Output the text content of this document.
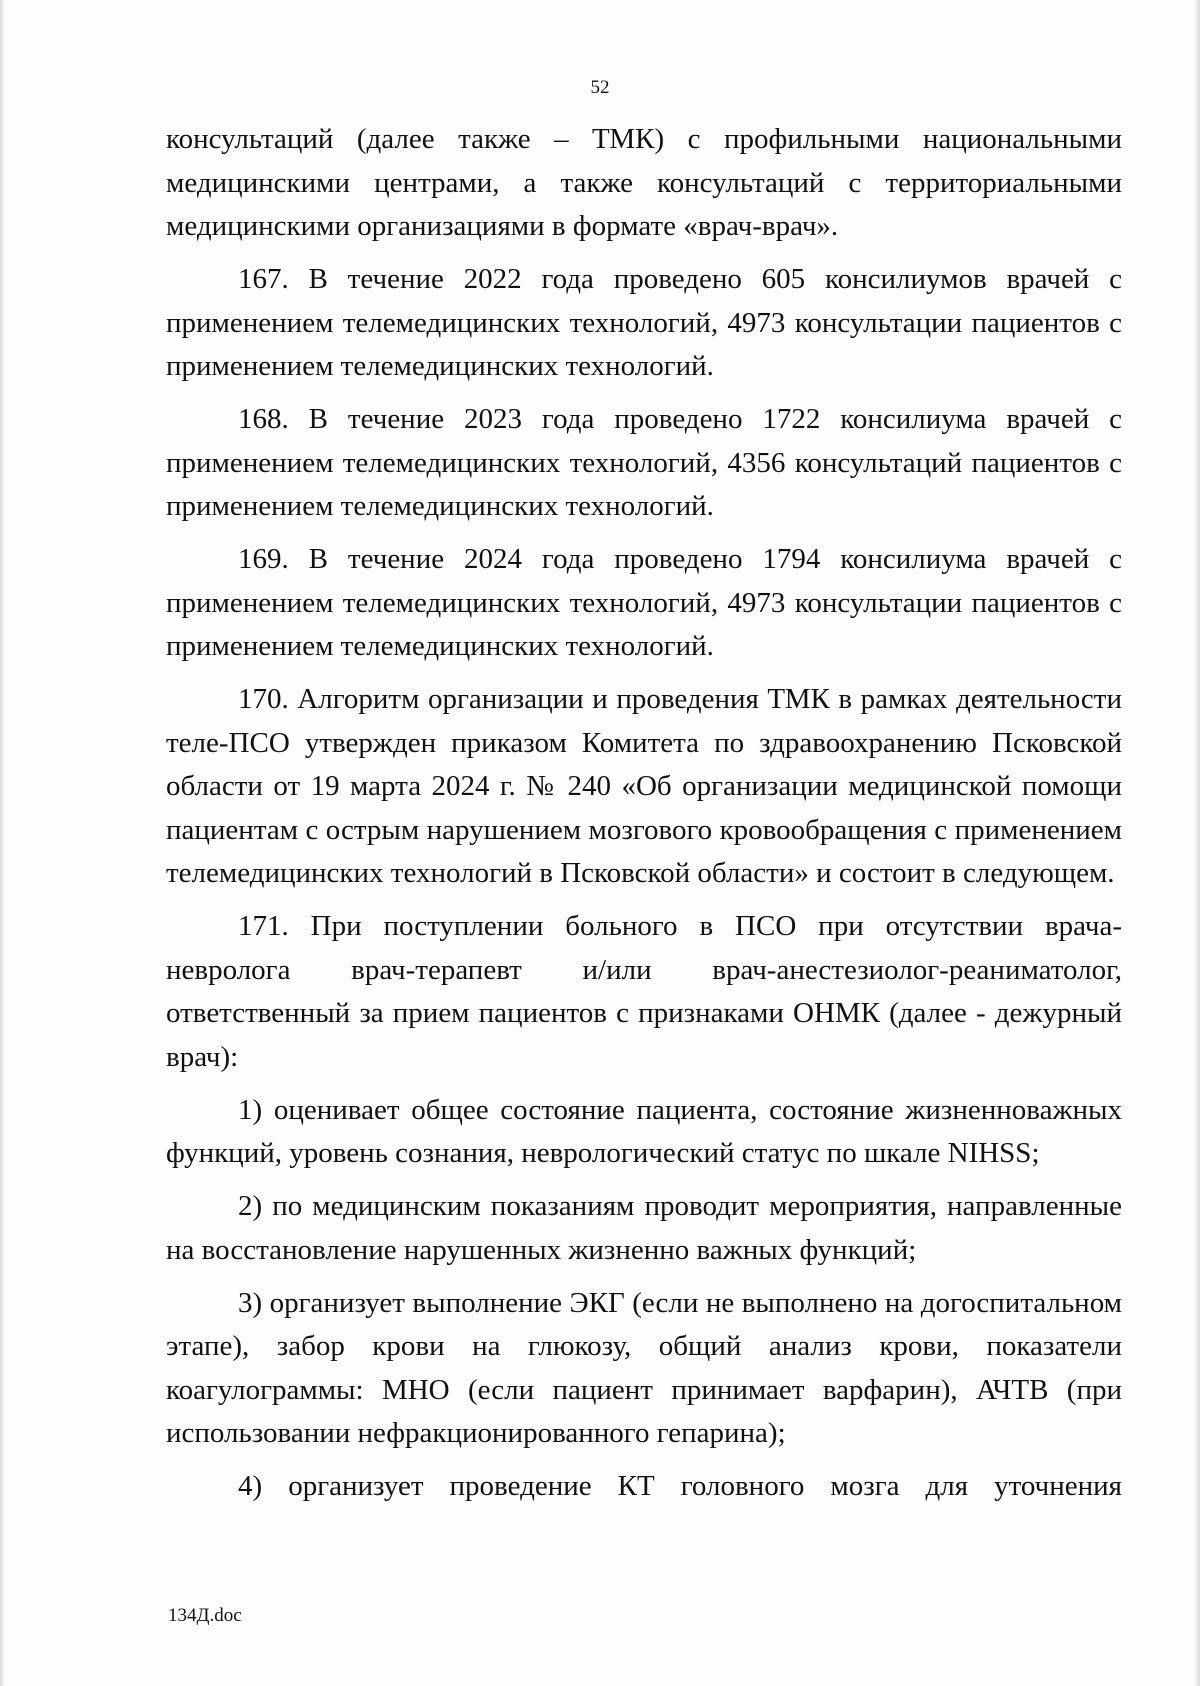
52

консультаций (далее также – ТМК) с профильными национальными медицинскими центрами, а также консультаций с территориальными медицинскими организациями в формате «врач-врач».

167. В течение 2022 года проведено 605 консилиумов врачей с применением телемедицинских технологий, 4973 консультации пациентов с применением телемедицинских технологий.

168. В течение 2023 года проведено 1722 консилиума врачей с применением телемедицинских технологий, 4356 консультаций пациентов с применением телемедицинских технологий.

169. В течение 2024 года проведено 1794 консилиума врачей с применением телемедицинских технологий, 4973 консультации пациентов с применением телемедицинских технологий.

170. Алгоритм организации и проведения ТМК в рамках деятельности теле-ПСО утвержден приказом Комитета по здравоохранению Псковской области от 19 марта 2024 г. № 240 «Об организации медицинской помощи пациентам с острым нарушением мозгового кровообращения с применением телемедицинских технологий в Псковской области» и состоит в следующем.

171. При поступлении больного в ПСО при отсутствии врача-невролога врач-терапевт и/или врач-анестезиолог-реаниматолог, ответственный за прием пациентов с признаками ОНМК (далее - дежурный врач):

1) оценивает общее состояние пациента, состояние жизненноважных функций, уровень сознания, неврологический статус по шкале NIHSS;

2) по медицинским показаниям проводит мероприятия, направленные на восстановление нарушенных жизненно важных функций;

3) организует выполнение ЭКГ (если не выполнено на догоспитальном этапе), забор крови на глюкозу, общий анализ крови, показатели коагулограммы: МНО (если пациент принимает варфарин), АЧТВ (при использовании нефракционированного гепарина);

4) организует проведение КТ головного мозга для уточнения

134Д.doc
